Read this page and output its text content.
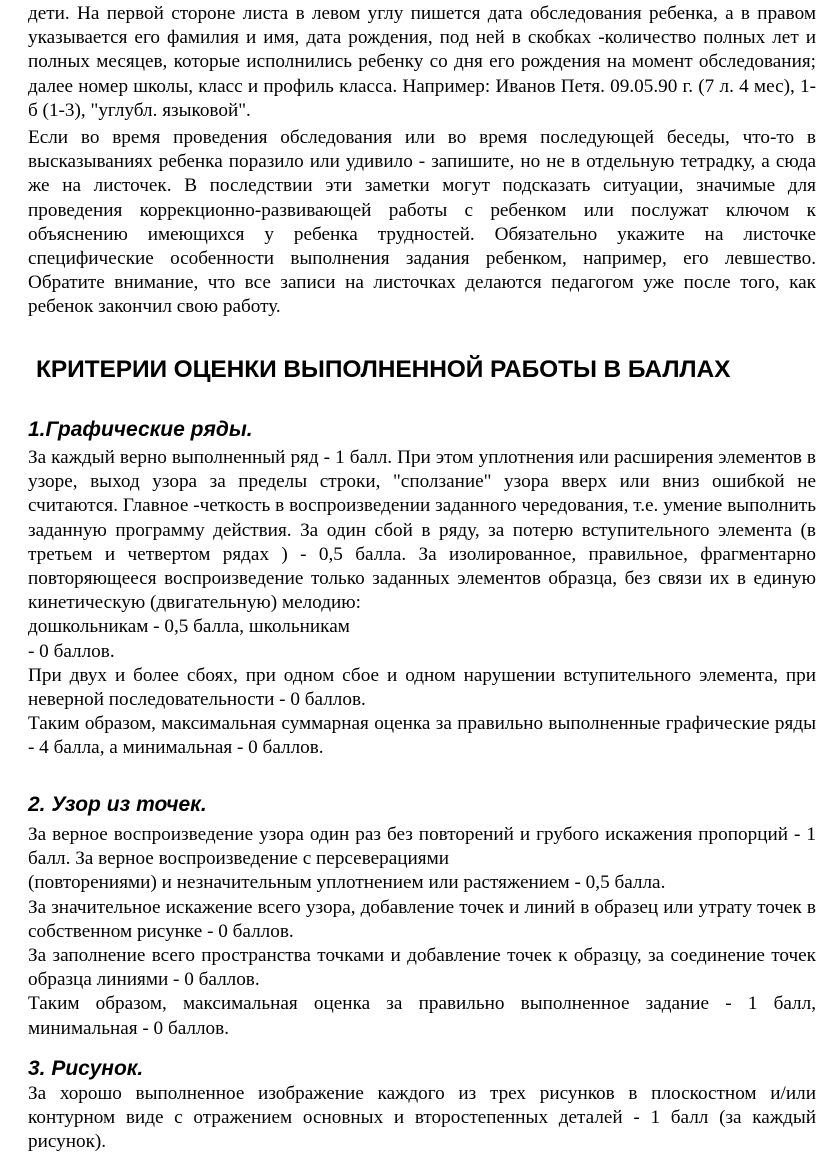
дети. На первой стороне листа в левом углу пишется дата обследования ребенка, а в правом указывается его фамилия и имя, дата рождения, под ней в скобках -количество полных лет и полных месяцев, которые исполнились ребенку со дня его рождения на момент обследования; далее номер школы, класс и профиль класса. Например: Иванов Петя. 09.05.90 г. (7 л. 4 мес), 1-б (1-3), "углубл. языковой".

Если во время проведения обследования или во время последующей беседы, что-то в высказываниях ребенка поразило или удивило - запишите, но не в отдельную тетрадку, а сюда же на листочек. В последствии эти заметки могут подсказать ситуации, значимые для проведения коррекционно-развивающей работы с ребенком или послужат ключом к объяснению имеющихся у ребенка трудностей. Обязательно укажите на листочке специфические особенности выполнения задания ребенком, например, его левшество. Обратите внимание, что все записи на листочках делаются педагогом уже после того, как ребенок закончил свою работу.

КРИТЕРИИ ОЦЕНКИ ВЫПОЛНЕННОЙ РАБОТЫ В БАЛЛАХ
1.Графические ряды.

За каждый верно выполненный ряд - 1 балл. При этом уплотнения или расширения элементов в узоре, выход узора за пределы строки, "сползание" узора вверх или вниз ошибкой не считаются. Главное -четкость в воспроизведении заданного чередования, т.е. умение выполнить заданную программу действия. За один сбой в ряду, за потерю вступительного элемента (в третьем и четвертом рядах ) - 0,5 балла. За изолированное, правильное, фрагментарно повторяющееся воспроизведение только заданных элементов образца, без связи их в единую кинетическую (двигательную) мелодию:

дошкольникам - 0,5 балла, школьникам

- 0 баллов.

При двух и более сбоях, при одном сбое и одном нарушении вступительного элемента, при неверной последовательности - 0 баллов.

Таким образом, максимальная суммарная оценка за правильно выполненные графические ряды - 4 балла, а минимальная - 0 баллов.

2. Узор из точек.

За верное воспроизведение узора один раз без повторений и грубого искажения пропорций - 1 балл. За верное воспроизведение с персеверациями

(повторениями) и незначительным уплотнением или растяжением - 0,5 балла.

За значительное искажение всего узора, добавление точек и линий в образец или утрату точек в собственном рисунке - 0 баллов.

За заполнение всего пространства точками и добавление точек к образцу, за соединение точек образца линиями - 0 баллов.

Таким образом, максимальная оценка за правильно выполненное задание - 1 балл, минимальная - 0 баллов.

3. Рисунок.

За хорошо выполненное изображение каждого из трех рисунков в плоскостном и/или контурном виде с отражением основных и второстепенных деталей - 1 балл (за каждый рисунок).
